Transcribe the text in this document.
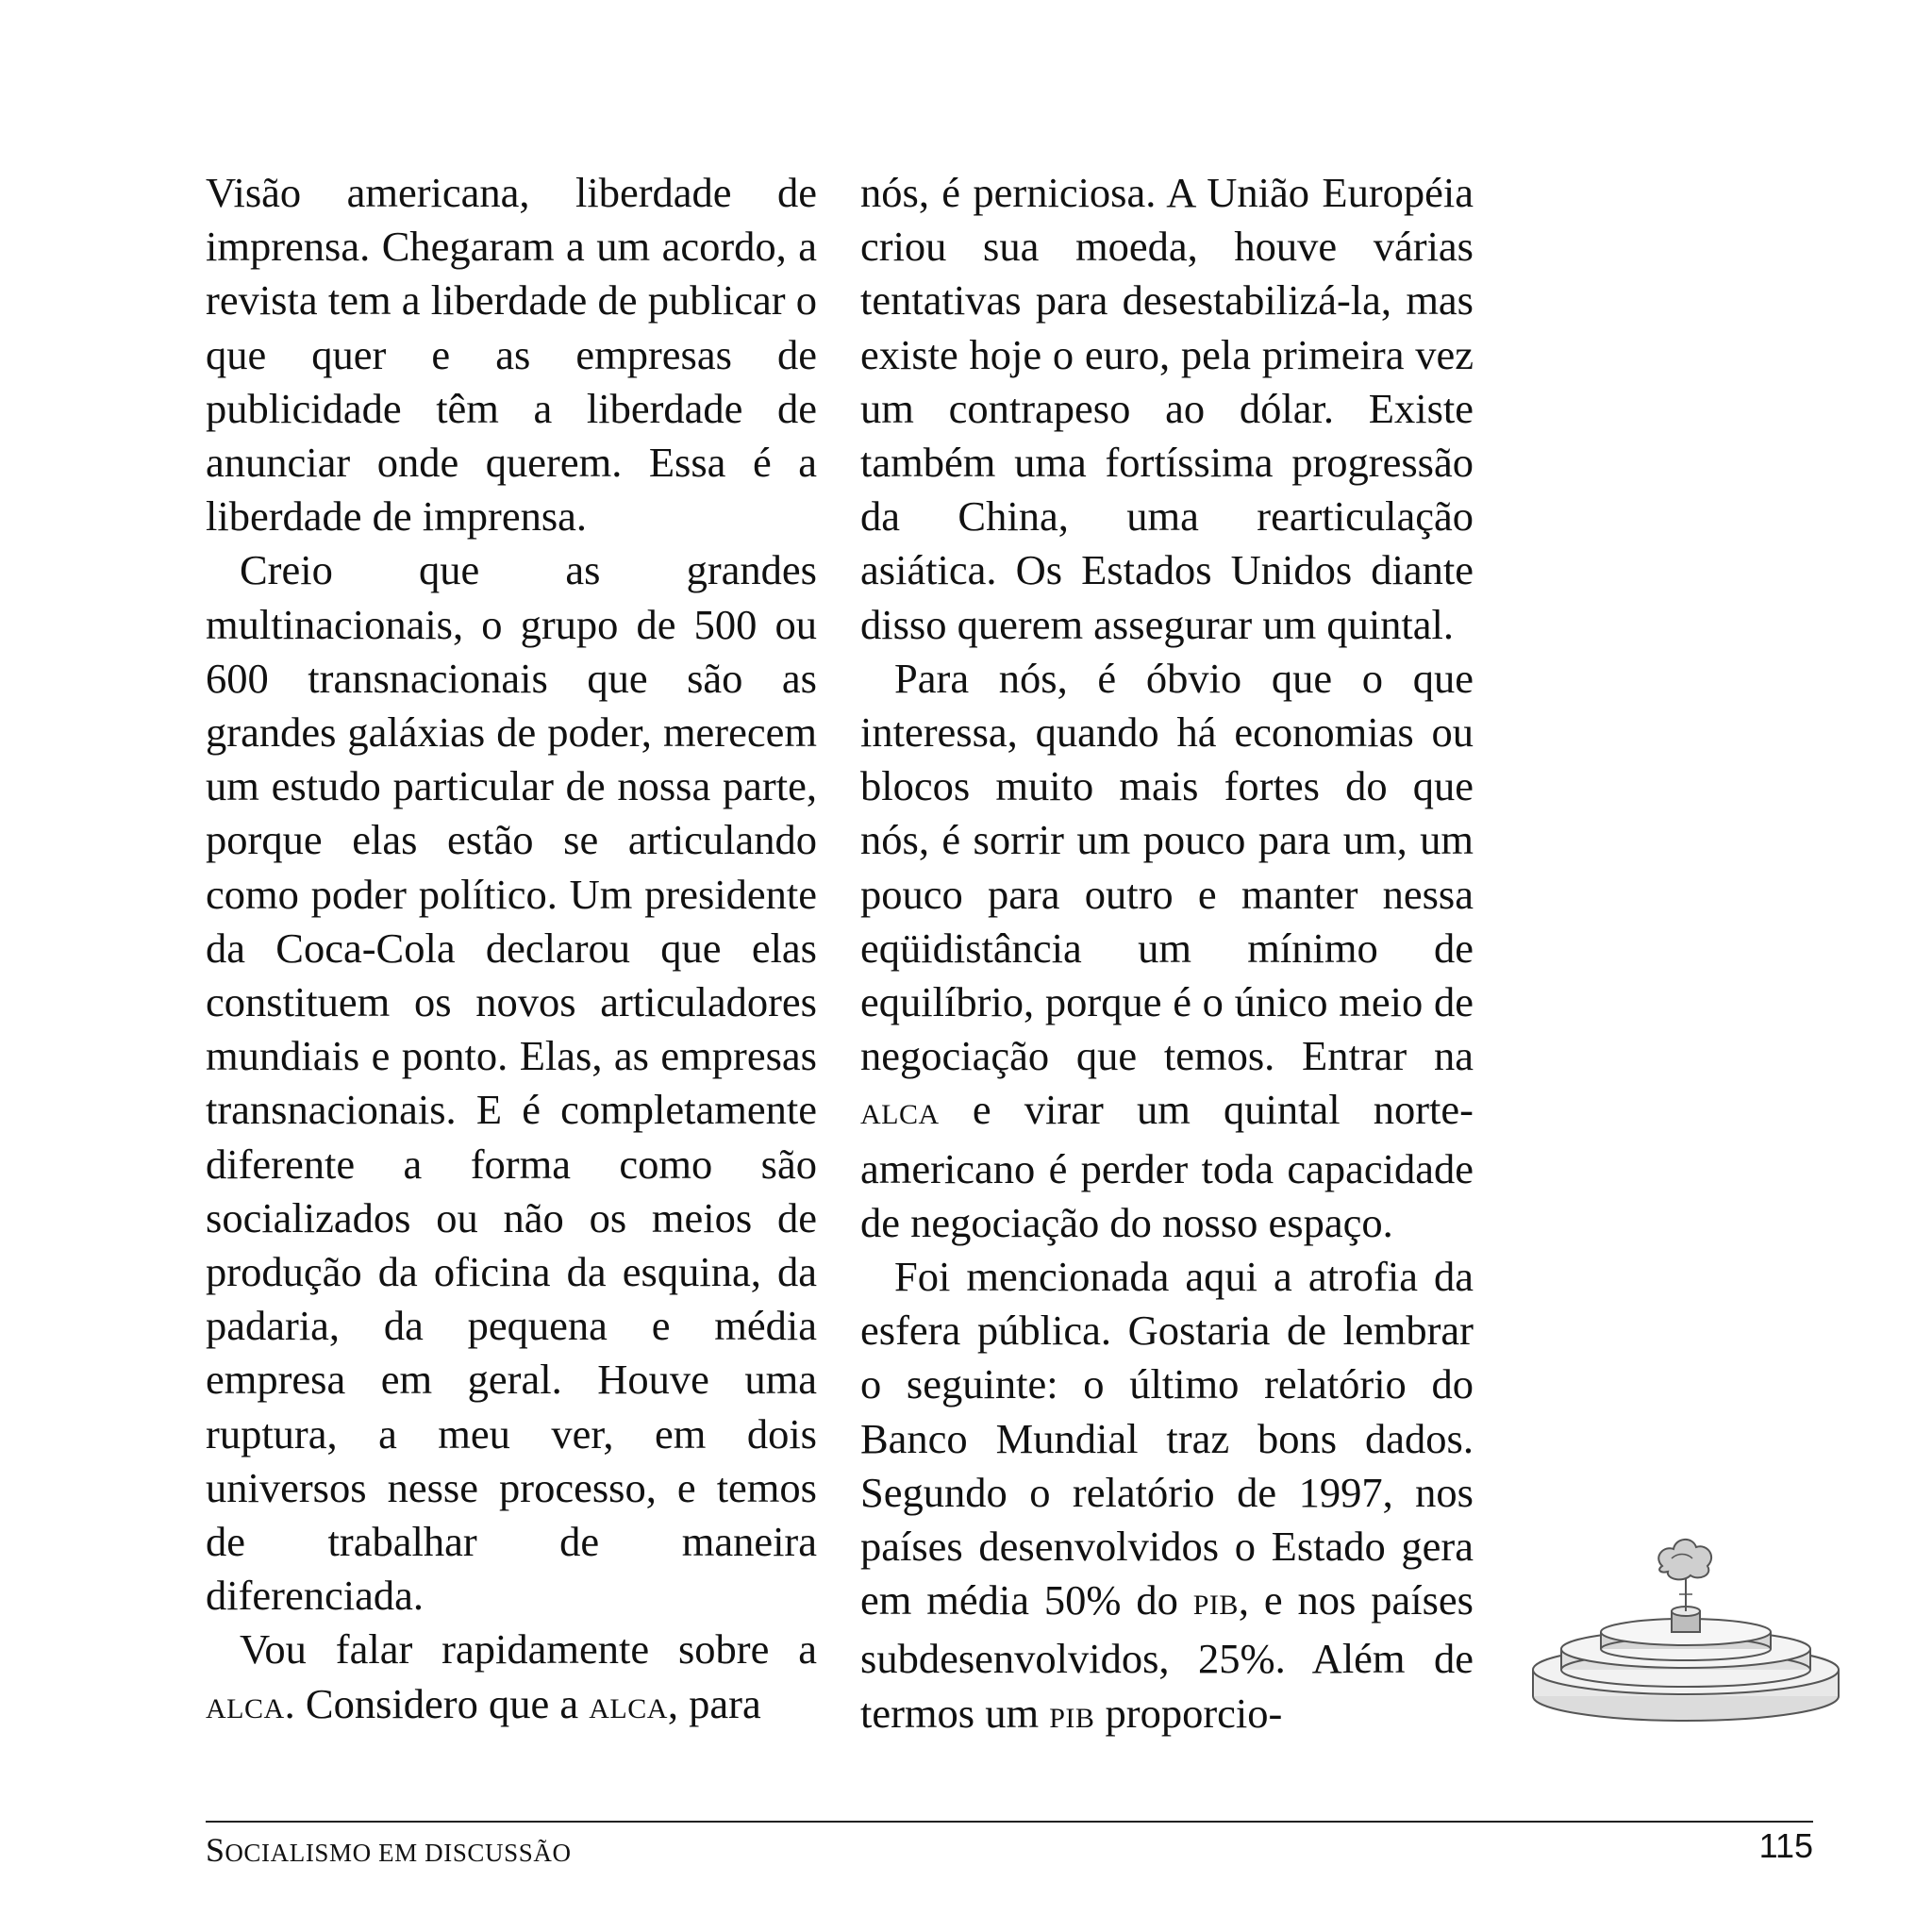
Visão americana, liberdade de imprensa. Chegaram a um acordo, a revista tem a liberdade de publicar o que quer e as empresas de publicidade têm a liberdade de anunciar onde querem. Essa é a liberdade de imprensa.

Creio que as grandes multinacionais, o grupo de 500 ou 600 transnacionais que são as grandes galáxias de poder, merecem um estudo particular de nossa parte, porque elas estão se articulando como poder político. Um presidente da Coca-Cola declarou que elas constituem os novos articuladores mundiais e ponto. Elas, as empresas transnacionais. E é completamente diferente a forma como são socializados ou não os meios de produção da oficina da esquina, da padaria, da pequena e média empresa em geral. Houve uma ruptura, a meu ver, em dois universos nesse processo, e temos de trabalhar de maneira diferenciada.

Vou falar rapidamente sobre a ALCA. Considero que a ALCA, para

nós, é perniciosa. A União Européia criou sua moeda, houve várias tentativas para desestabilizá-la, mas existe hoje o euro, pela primeira vez um contrapeso ao dólar. Existe também uma fortíssima progressão da China, uma rearticulação asiática. Os Estados Unidos diante disso querem assegurar um quintal.

Para nós, é óbvio que o que interessa, quando há economias ou blocos muito mais fortes do que nós, é sorrir um pouco para um, um pouco para outro e manter nessa eqüidistância um mínimo de equilíbrio, porque é o único meio de negociação que temos. Entrar na ALCA e virar um quintal norte-americano é perder toda capacidade de negociação do nosso espaço.

Foi mencionada aqui a atrofia da esfera pública. Gostaria de lembrar o seguinte: o último relatório do Banco Mundial traz bons dados. Segundo o relatório de 1997, nos países desenvolvidos o Estado gera em média 50% do PIB, e nos países subdesenvolvidos, 25%. Além de termos um PIB proporcio-

SOCIALISMO EM DISCUSSÃO	115
